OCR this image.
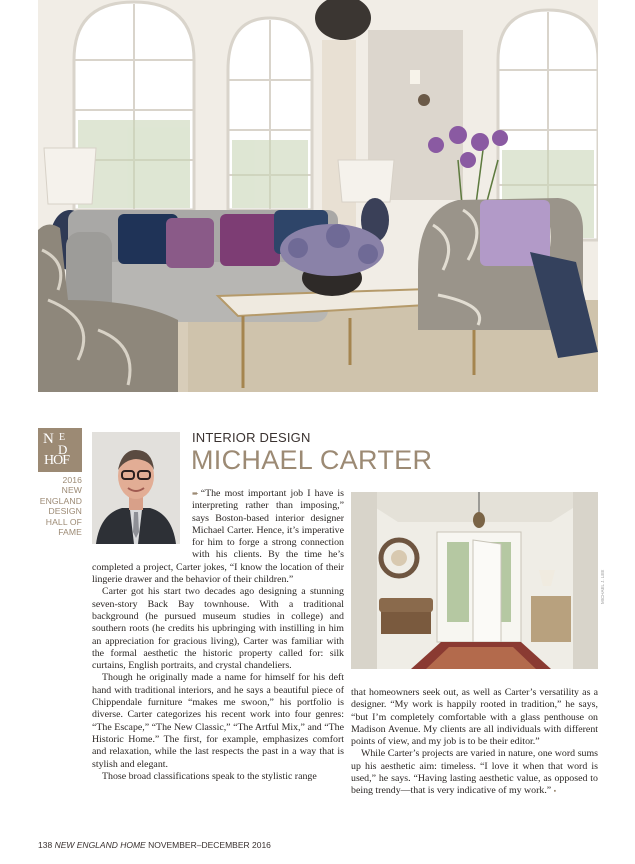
N E
D
HOF
2016
NEW
ENGLAND
DESIGN
HALL OF
FAME
INTERIOR DESIGN
MICHAEL CARTER

➨ “The most important job I have is interpreting rather than imposing,” says Boston-based interior designer Michael Carter. Hence, it’s imperative for him to forge a strong connection with his clients. By the time he’s completed a project, Carter jokes, “I know the location of their lingerie drawer and the behavior of their children.”

Carter got his start two decades ago designing a stunning seven-story Back Bay townhouse. With a traditional background (he pursued museum studies in college) and southern roots (he credits his upbringing with instilling in him an appreciation for gracious living), Carter was familiar with the formal aesthetic the historic property called for: silk curtains, English portraits, and crystal chandeliers.

Though he originally made a name for himself for his deft hand with traditional interiors, and he says a beautiful piece of Chippendale furniture “makes me swoon,” his portfolio is diverse. Carter categorizes his recent work into four genres: “The Escape,” “The New Classic,” “The Artful Mix,” and “The Historic Home.” The first, for example, emphasizes comfort and relaxation, while the last respects the past in a way that is stylish and elegant.

Those broad classifications speak to the stylistic range

MICHAEL J. LEE

that homeowners seek out, as well as Carter’s versatility as a designer. “My work is happily rooted in tradition,” he says, “but I’m completely comfortable with a glass penthouse on Madison Avenue. My clients are all individuals with different points of view, and my job is to be their editor.”

While Carter’s projects are varied in nature, one word sums up his aesthetic aim: timeless. “I love it when that word is used,” he says. “Having lasting aesthetic value, as opposed to being trendy—that is very indicative of my work.” ▪

138 NEW ENGLAND HOME NOVEMBER–DECEMBER 2016
